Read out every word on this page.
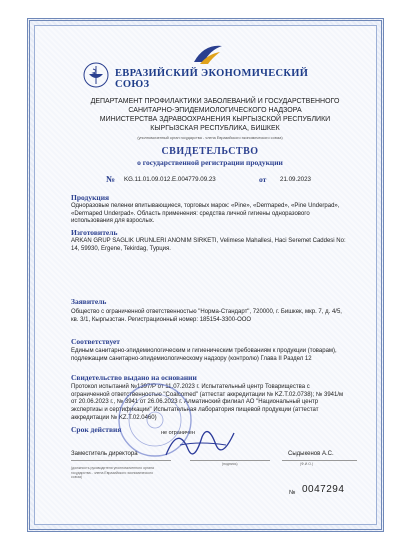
ЕВРАЗИЙСКИЙ ЭКОНОМИЧЕСКИЙ СОЮЗ
ДЕПАРТАМЕНТ ПРОФИЛАКТИКИ ЗАБОЛЕВАНИЙ И ГОСУДАРСТВЕННОГО
САНИТАРНО-ЭПИДЕМИОЛОГИЧЕСКОГО НАДЗОРА
МИНИСТЕРСТВА ЗДРАВООХРАНЕНИЯ КЫРГЫЗСКОЙ РЕСПУБЛИКИ
КЫРГЫЗСКАЯ РЕСПУБЛИКА, БИШКЕК
(уполномоченный орган государства - члена Евразийского экономического союза)
СВИДЕТЕЛЬСТВО
о государственной регистрации продукции
№ KG.11.01.09.012.E.004779.09.23	от 21.09.2023
Продукция
Одноразовые пеленки впитывающиеся, торговых марок: «Pine», «Dermaped», «Pine Underpad», «Dermaped Underpad». Область применения: средства личной гигиены одноразового использования для взрослых.
Изготовитель
ARKAN GRUP SAGLIK URUNLERI ANONIM SIRKETI, Velimese Mahallesi, Haci Seremet Caddesi No: 14, 59930, Ergene, Tekirdag, Турция.
Заявитель
Общество с ограниченной ответственностью "Норма-Стандарт", 720000, г. Бишкек, мкр. 7, д. 4/5, кв. 3/1, Кыргызстан. Регистрационный номер: 185154-3300-ООО
Соответствует
Единым санитарно-эпидемиологическим и гигиеническим требованиям к продукции (товарам), подлежащим санитарно-эпидемиологическому надзору (контролю) Глава II Раздел 12
Свидетельство выдано на основании
Протокол испытаний №1397/Р от 11.07.2023 г. Испытательный центр Товарищества с ограниченной ответственностью "Coalcomed" (аттестат аккредитации № KZ.T.02.0738); № 3941/м от 20.06.2023 г., № 3941 от 26.06.2023 г. Алматинский филиал АО "Национальный центр экспертизы и сертификации" Испытательная лаборатория пищевой продукции (аттестат аккредитации № KZ.T.02.0460)
Срок действия	не ограничен
Заместитель директора	Сыдыкенов А.С.
(должность руководителя уполномоченного органа государства - члена Евразийского экономического союза)
(подпись)	(Ф.И.О.)
№ 0047294
